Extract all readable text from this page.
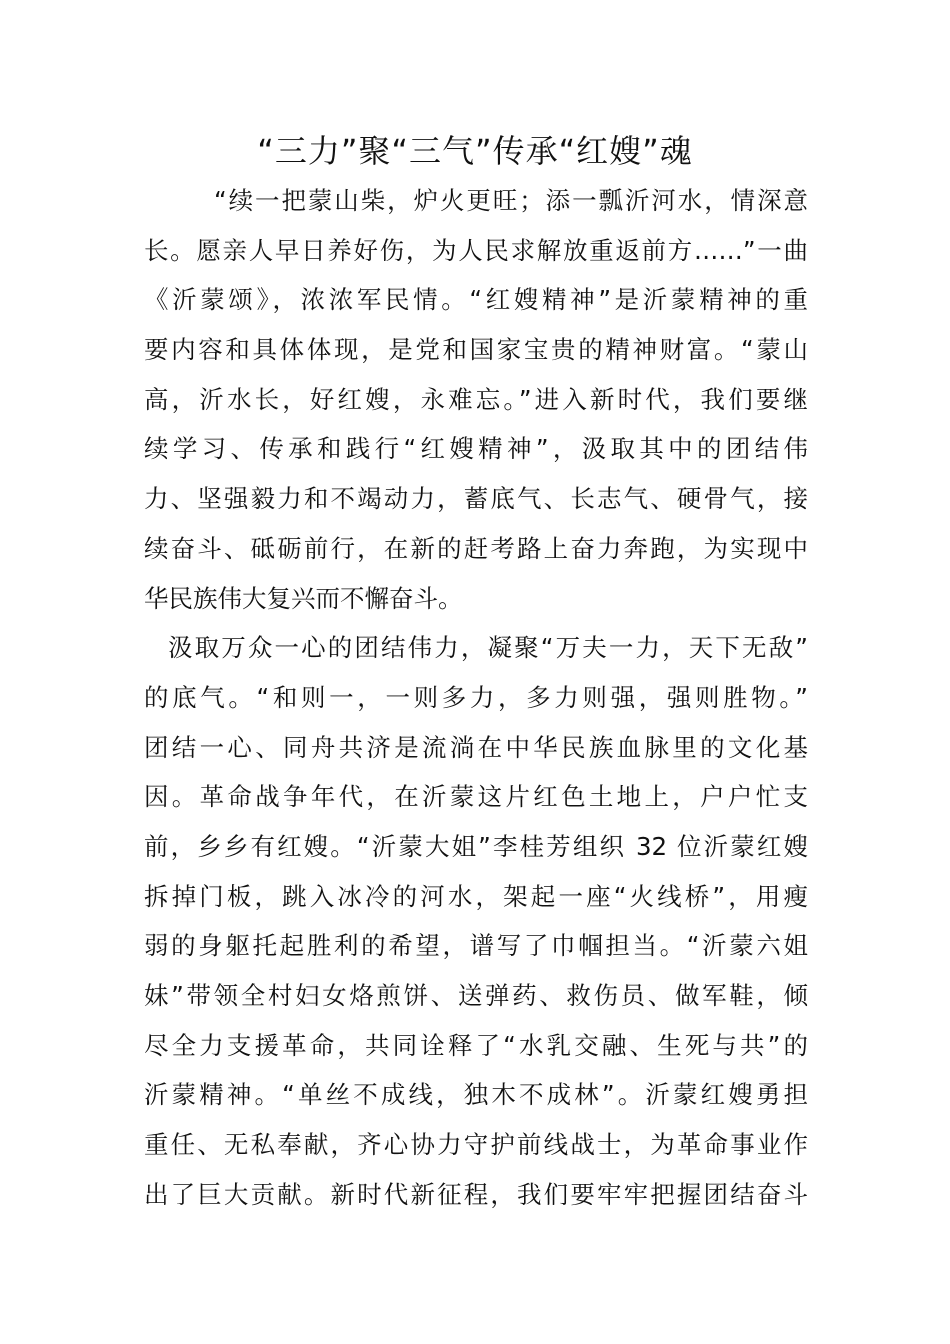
“三力”聚“三气”传承“红嫂”魂
“续一把蒙山柴，炉火更旺；添一瓢沂河水，情深意
长。愿亲人早日养好伤，为人民求解放重返前方……”一曲
《沂蒙颂》，浓浓军民情。“红嫂精神”是沂蒙精神的重
要内容和具体体现，是党和国家宝贵的精神财富。“蒙山
高，沂水长，好红嫂，永难忘。”进入新时代，我们要继
续学习、传承和践行“红嫂精神”，汲取其中的团结伟
力、坚强毅力和不竭动力，蓄底气、长志气、硬骨气，接
续奋斗、砥砺前行，在新的赶考路上奋力奔跑，为实现中
华民族伟大复兴而不懈奋斗。
汲取万众一心的团结伟力，凝聚“万夫一力，天下无敌”
的底气。“和则一，一则多力，多力则强，强则胜物。”
团结一心、同舟共济是流淌在中华民族血脉里的文化基
因。革命战争年代，在沂蒙这片红色土地上，户户忙支
前，乡乡有红嫂。“沂蒙大姐”李桂芳组织 32 位沂蒙红嫂
拆掉门板，跳入冰冷的河水，架起一座“火线桥”，用瘦
弱的身躯托起胜利的希望，谱写了巾帼担当。“沂蒙六姐
妹”带领全村妇女烙煎饼、送弹药、救伤员、做军鞋，倾
尽全力支援革命，共同诠释了“水乳交融、生死与共”的
沂蒙精神。“单丝不成线，独木不成林”。沂蒙红嫂勇担
重任、无私奉献，齐心协力守护前线战士，为革命事业作
出了巨大贡献。新时代新征程，我们要牢牢把握团结奋斗
